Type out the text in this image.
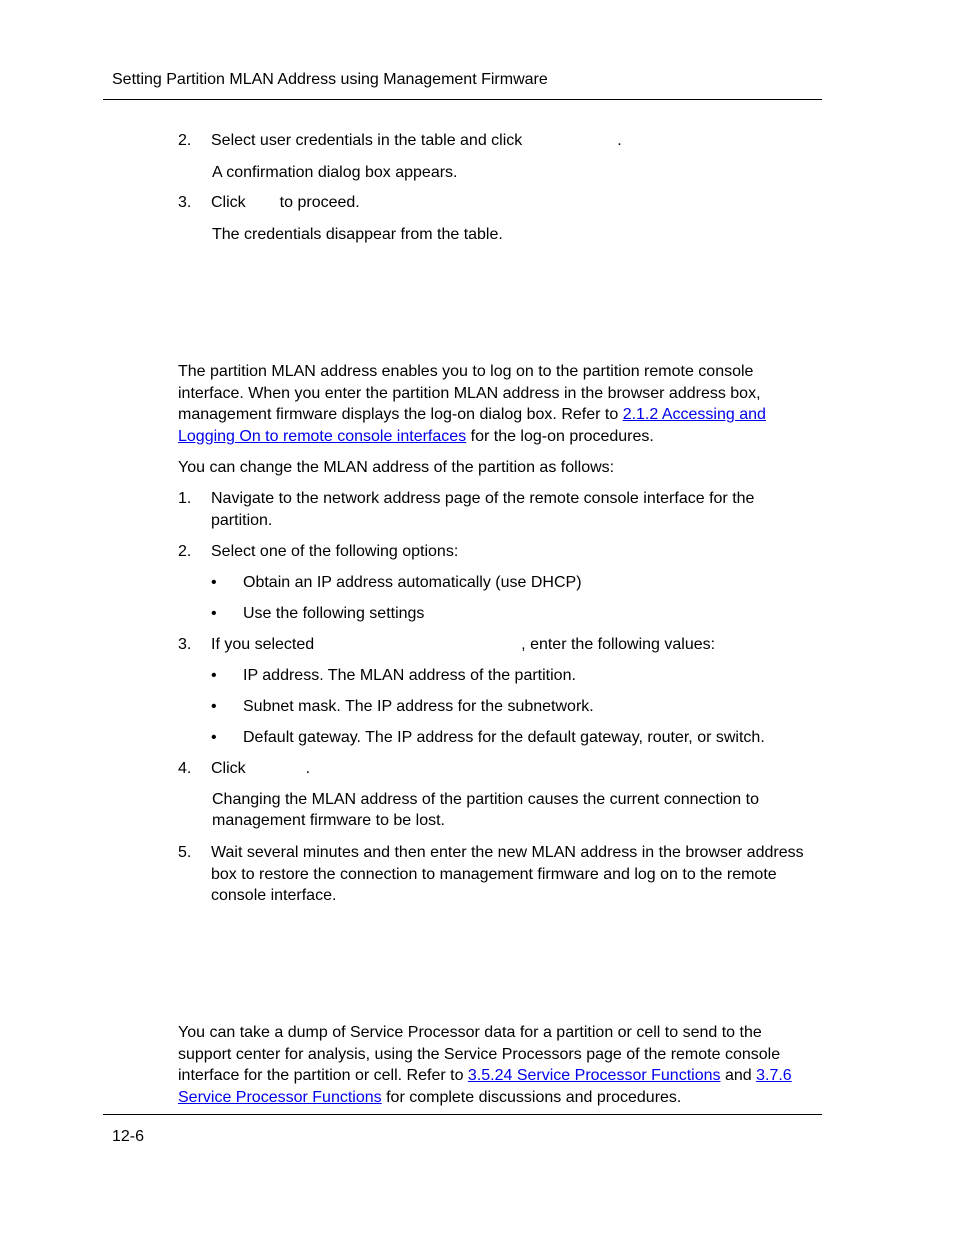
Setting Partition MLAN Address using Management Firmware
2. Select user credentials in the table and click	.
A confirmation dialog box appears.
3. Click to proceed.
The credentials disappear from the table.
The partition MLAN address enables you to log on to the partition remote console
interface. When you enter the partition MLAN address in the browser address box,
management firmware displays the log-on dialog box. Refer to 2.1.2 Accessing and
Logging On to remote console interfaces for the log-on procedures.
You can change the MLAN address of the partition as follows:
1. Navigate to the network address page of the remote console interface for the
partition.
2. Select one of the following options:
• Obtain an IP address automatically (use DHCP)
• Use the following settings
3. If you selected	, enter the following values:
• IP address. The MLAN address of the partition.
• Subnet mask. The IP address for the subnetwork.
• Default gateway. The IP address for the default gateway, router, or switch.
4. Click	.
Changing the MLAN address of the partition causes the current connection to
management firmware to be lost.
5. Wait several minutes and then enter the new MLAN address in the browser address
box to restore the connection to management firmware and log on to the remote
console interface.
You can take a dump of Service Processor data for a partition or cell to send to the
support center for analysis, using the Service Processors page of the remote console
interface for the partition or cell. Refer to 3.5.24 Service Processor Functions and 3.7.6
Service Processor Functions for complete discussions and procedures.
12-6
